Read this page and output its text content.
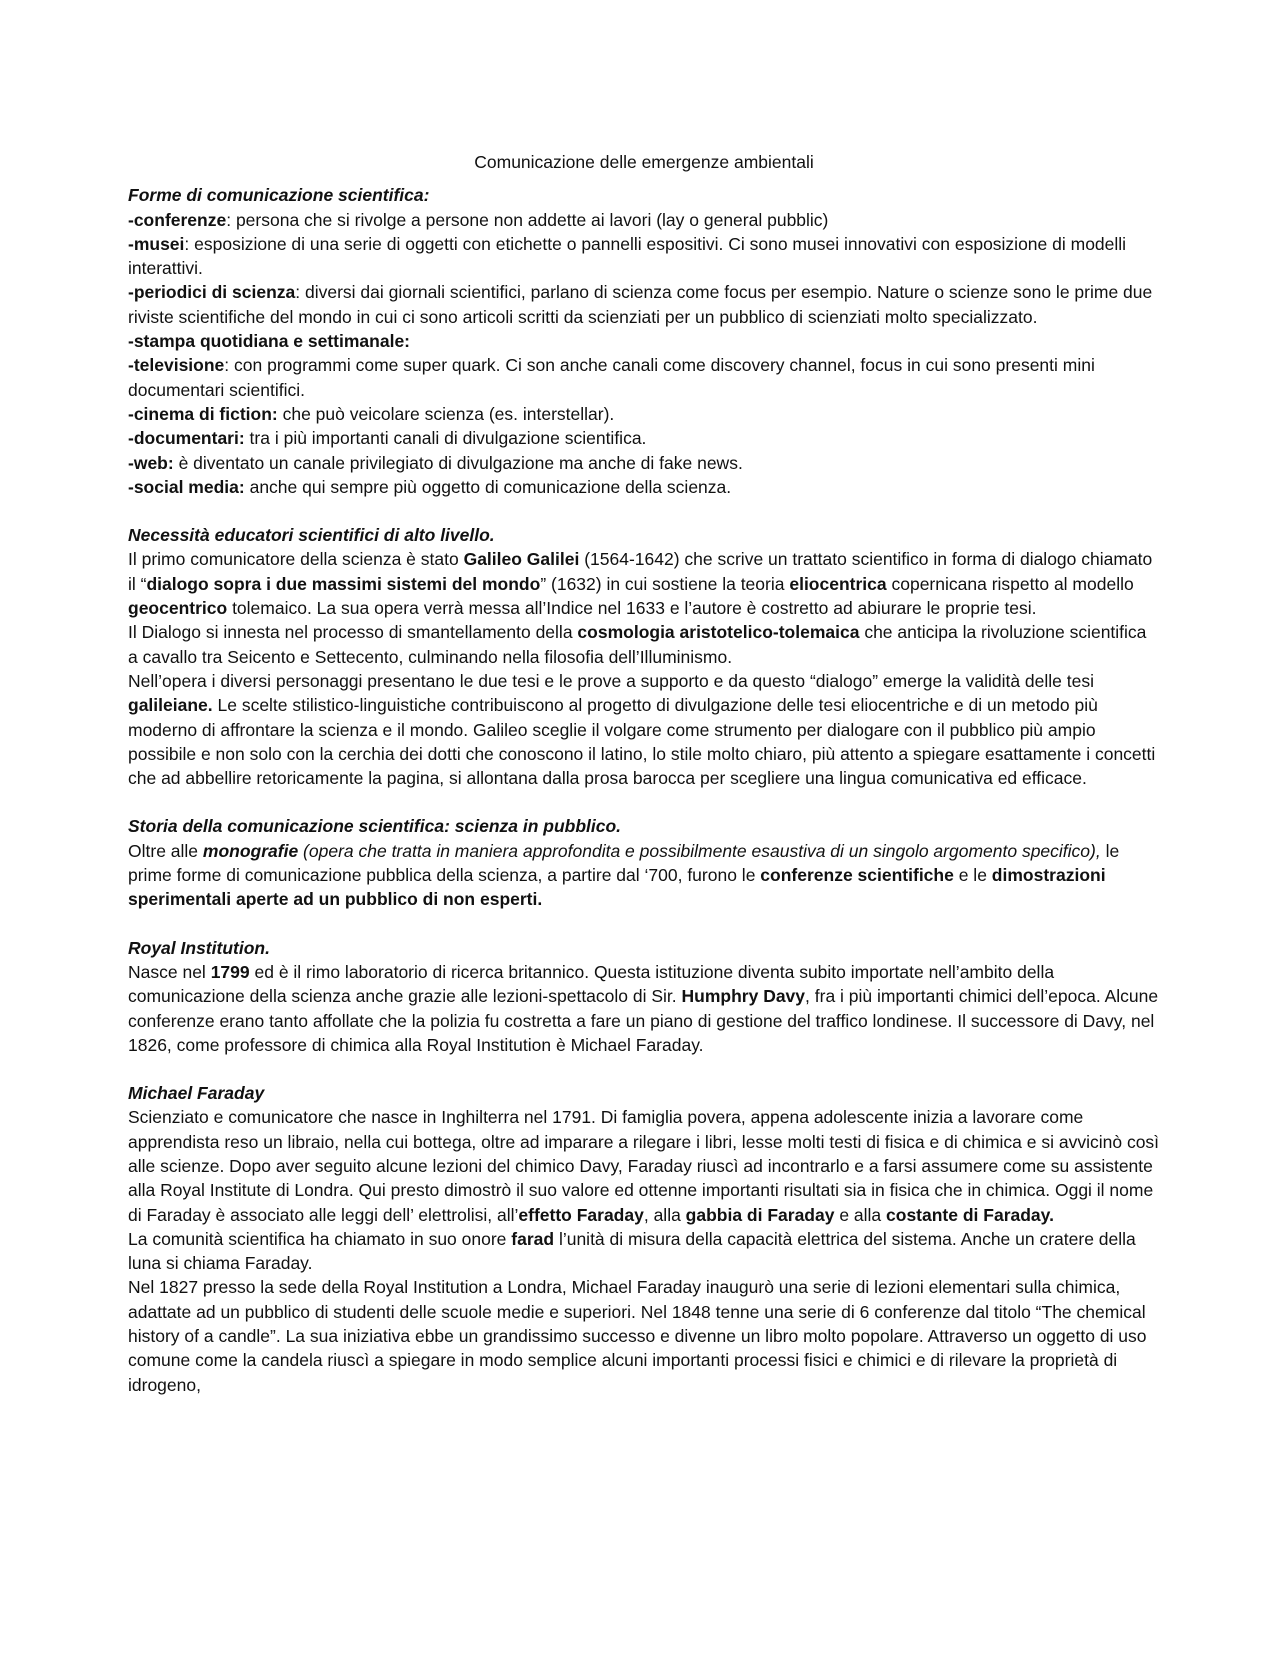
Comunicazione delle emergenze ambientali
Forme di comunicazione scientifica:

-conferenze: persona che si rivolge a persone non addette ai lavori (lay o general pubblic)

-musei: esposizione di una serie di oggetti con etichette o pannelli espositivi. Ci sono musei innovativi con esposizione di modelli interattivi.

-periodici di scienza: diversi dai giornali scientifici, parlano di scienza come focus per esempio. Nature o scienze sono le prime due riviste scientifiche del mondo in cui ci sono articoli scritti da scienziati per un pubblico di scienziati molto specializzato.

-stampa quotidiana e settimanale:

-televisione: con programmi come super quark. Ci son anche canali come discovery channel, focus in cui sono presenti mini documentari scientifici.

-cinema di fiction: che può veicolare scienza (es. interstellar).

-documentari: tra i più importanti canali di divulgazione scientifica.

-web: è diventato un canale privilegiato di divulgazione ma anche di fake news.

-social media: anche qui sempre più oggetto di comunicazione della scienza.

Necessità educatori scientifici di alto livello.

Il primo comunicatore della scienza è stato Galileo Galilei (1564-1642) che scrive un trattato scientifico in forma di dialogo chiamato il “dialogo sopra i due massimi sistemi del mondo” (1632) in cui sostiene la teoria eliocentrica copernicana rispetto al modello geocentrico tolemaico. La sua opera verrà messa all’Indice nel 1633 e l’autore è costretto ad abiurare le proprie tesi.

Il Dialogo si innesta nel processo di smantellamento della cosmologia aristotelico-tolemaica che anticipa la rivoluzione scientifica a cavallo tra Seicento e Settecento, culminando nella filosofia dell’Illuminismo.

Nell’opera i diversi personaggi presentano le due tesi e le prove a supporto e da questo “dialogo” emerge la validità delle tesi galileiane. Le scelte stilistico-linguistiche contribuiscono al progetto di divulgazione delle tesi eliocentriche e di un metodo più moderno di affrontare la scienza e il mondo. Galileo sceglie il volgare come strumento per dialogare con il pubblico più ampio possibile e non solo con la cerchia dei dotti che conoscono il latino, lo stile molto chiaro, più attento a spiegare esattamente i concetti che ad abbellire retoricamente la pagina, si allontana dalla prosa barocca per scegliere una lingua comunicativa ed efficace.

Storia della comunicazione scientifica: scienza in pubblico.

Oltre alle monografie (opera che tratta in maniera approfondita e possibilmente esaustiva di un singolo argomento specifico), le prime forme di comunicazione pubblica della scienza, a partire dal ‘700, furono le conferenze scientifiche e le dimostrazioni sperimentali aperte ad un pubblico di non esperti.

Royal Institution.

Nasce nel 1799 ed è il rimo laboratorio di ricerca britannico. Questa istituzione diventa subito importate nell’ambito della comunicazione della scienza anche grazie alle lezioni-spettacolo di Sir. Humphry Davy, fra i più importanti chimici dell’epoca. Alcune conferenze erano tanto affollate che la polizia fu costretta a fare un piano di gestione del traffico londinese. Il successore di Davy, nel 1826, come professore di chimica alla Royal Institution è Michael Faraday.

Michael Faraday

Scienziato e comunicatore che nasce in Inghilterra nel 1791. Di famiglia povera, appena adolescente inizia a lavorare come apprendista reso un libraio, nella cui bottega, oltre ad imparare a rilegare i libri, lesse molti testi di fisica e di chimica e si avvicinò così alle scienze. Dopo aver seguito alcune lezioni del chimico Davy, Faraday riuscì ad incontrarlo e a farsi assumere come su assistente alla Royal Institute di Londra. Qui presto dimostrò il suo valore ed ottenne importanti risultati sia in fisica che in chimica. Oggi il nome di Faraday è associato alle leggi dell’ elettrolisi, all’effetto Faraday, alla gabbia di Faraday e alla costante di Faraday.

La comunità scientifica ha chiamato in suo onore farad l’unità di misura della capacità elettrica del sistema. Anche un cratere della luna si chiama Faraday.

Nel 1827 presso la sede della Royal Institution a Londra, Michael Faraday inaugurò una serie di lezioni elementari sulla chimica, adattate ad un pubblico di studenti delle scuole medie e superiori. Nel 1848 tenne una serie di 6 conferenze dal titolo “The chemical history of a candle”. La sua iniziativa ebbe un grandissimo successo e divenne un libro molto popolare. Attraverso un oggetto di uso comune come la candela riuscì a spiegare in modo semplice alcuni importanti processi fisici e chimici e di rilevare la proprietà di idrogeno,
